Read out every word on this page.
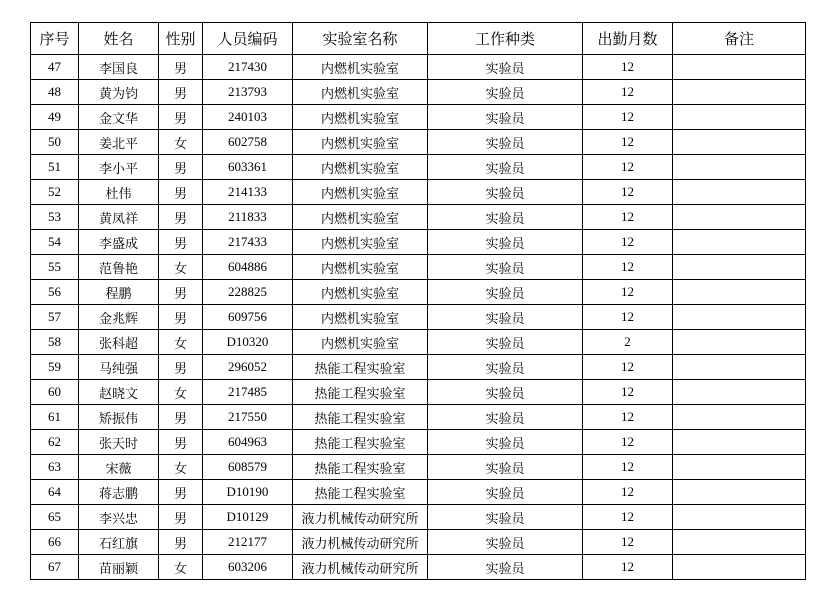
序号	姓名	性别	人员编码	实验室名称	工作种类	出勤月数	备注
47	李国良	男	217430	内燃机实验室	实验员	12	
48	黄为钧	男	213793	内燃机实验室	实验员	12	
49	金文华	男	240103	内燃机实验室	实验员	12	
50	姜北平	女	602758	内燃机实验室	实验员	12	
51	李小平	男	603361	内燃机实验室	实验员	12	
52	杜伟	男	214133	内燃机实验室	实验员	12	
53	黄凤祥	男	211833	内燃机实验室	实验员	12	
54	李盛成	男	217433	内燃机实验室	实验员	12	
55	范鲁艳	女	604886	内燃机实验室	实验员	12	
56	程鹏	男	228825	内燃机实验室	实验员	12	
57	金兆辉	男	609756	内燃机实验室	实验员	12	
58	张科超	女	D10320	内燃机实验室	实验员	2	
59	马纯强	男	296052	热能工程实验室	实验员	12	
60	赵晓文	女	217485	热能工程实验室	实验员	12	
61	矫振伟	男	217550	热能工程实验室	实验员	12	
62	张天时	男	604963	热能工程实验室	实验员	12	
63	宋薇	女	608579	热能工程实验室	实验员	12	
64	蒋志鹏	男	D10190	热能工程实验室	实验员	12	
65	李兴忠	男	D10129	液力机械传动研究所	实验员	12	
66	石红旗	男	212177	液力机械传动研究所	实验员	12	
67	苗丽颖	女	603206	液力机械传动研究所	实验员	12	
